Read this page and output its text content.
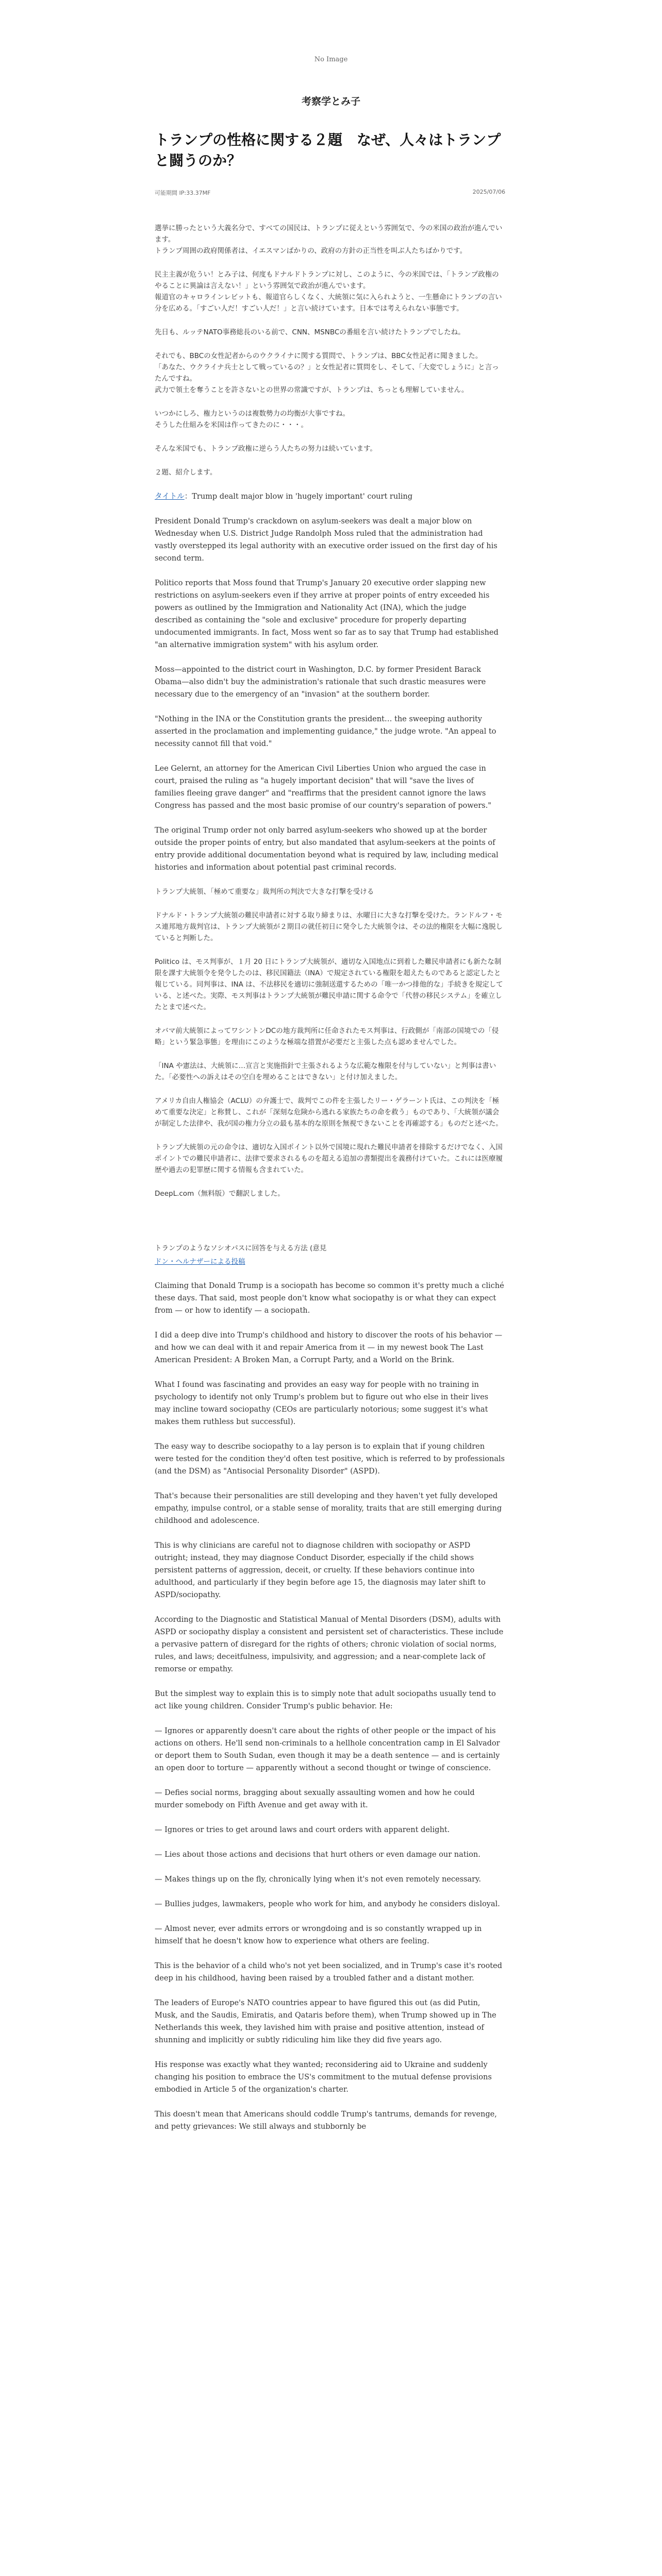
No Image
考察学とみ子
トランプの性格に関する２題　なぜ、人々はトランプと闘うのか？
可能期間 IP:33.37MF	2025/07/06

選挙に勝ったという大義名分で、すべての国民は、トランプに従えという雰囲気で、今の米国の政治が進んでいます。
トランプ周囲の政府関係者は、イエスマンばかりの、政府の方針の正当性を叫ぶ人たちばかりです。

民主主義が危うい！とみ子は、何度もドナルドトランプに対し、このように、今の米国では、「トランプ政権のやることに異論は言えない！」という雰囲気で政治が進んでいます。
報道官のキャロラインレビットも、報道官らしくなく、大統領に気に入られようと、一生懸命にトランプの言い分を広める。「すごい人だ！すごい人だ！」と言い続けています。日本では考えられない事態です。

先日も、ルッテNATO事務総長のいる前で、CNN、MSNBCの番組を言い続けたトランプでしたね。

それでも、BBCの女性記者からのウクライナに関する質問で、トランプは、BBC女性記者に聞きました。
「あなた、ウクライナ兵士として戦っているの？」と女性記者に質問をし、そして、「大変でしょうに」と言ったんですね。
武力で領土を奪うことを許さないとの世界の常識ですが、トランプは、ちっとも理解していません。

いつかにしろ、権力というのは複数勢力の均衡が大事ですね。
そうした仕組みを米国は作ってきたのに・・・。

そんな米国でも、トランプ政権に逆らう人たちの努力は続いています。

２題、紹介します。

タイトル：Trump dealt major blow in 'hugely important' court ruling

President Donald Trump's crackdown on asylum-seekers was dealt a major blow on Wednesday when U.S. District Judge Randolph Moss ruled that the administration had vastly overstepped its legal authority with an executive order issued on the first day of his second term.

Politico reports that Moss found that Trump's January 20 executive order slapping new restrictions on asylum-seekers even if they arrive at proper points of entry exceeded his powers as outlined by the Immigration and Nationality Act (INA), which the judge described as containing the "sole and exclusive" procedure for properly departing undocumented immigrants. In fact, Moss went so far as to say that Trump had established "an alternative immigration system" with his asylum order.

Moss—appointed to the district court in Washington, D.C. by former President Barack Obama—also didn't buy the administration's rationale that such drastic measures were necessary due to the emergency of an "invasion" at the southern border.

"Nothing in the INA or the Constitution grants the president… the sweeping authority asserted in the proclamation and implementing guidance," the judge wrote. "An appeal to necessity cannot fill that void."

Lee Gelernt, an attorney for the American Civil Liberties Union who argued the case in court, praised the ruling as "a hugely important decision" that will "save the lives of families fleeing grave danger" and "reaffirms that the president cannot ignore the laws Congress has passed and the most basic promise of our country's separation of powers."

The original Trump order not only barred asylum-seekers who showed up at the border outside the proper points of entry, but also mandated that asylum-seekers at the points of entry provide additional documentation beyond what is required by law, including medical histories and information about potential past criminal records.

トランプ大統領、「極めて重要な」裁判所の判決で大きな打撃を受ける

ドナルド・トランプ大統領の難民申請者に対する取り締まりは、水曜日に大きな打撃を受けた。ランドルフ・モス連邦地方裁判官は、トランプ大統領が２期目の就任初日に発令した大統領令は、その法的権限を大幅に逸脱していると判断した。

Politico は、モス判事が、１月 20 日にトランプ大統領が、適切な入国地点に到着した難民申請者にも新たな制限を課す大統領令を発令したのは、移民国籍法（INA）で規定されている権限を超えたものであると認定したと報じている。同判事は、INA は、不法移民を適切に強制送還するための「唯一かつ排他的な」手続きを規定している、と述べた。実際、モス判事はトランプ大統領が難民申請に関する命令で「代替の移民システム」を確立したとまで述べた。

オバマ前大統領によってワシントンDCの地方裁判所に任命されたモス判事は、行政側が「南部の国境での「侵略」という緊急事態」を理由にこのような極端な措置が必要だと主張した点も認めませんでした。

「INA や憲法は、大統領に…宣言と実施指針で主張されるような広範な権限を付与していない」と判事は書いた。「必要性への訴えはその空白を埋めることはできない」と付け加えました。

アメリカ自由人権協会（ACLU）の弁護士で、裁判でこの件を主張したリー・ゲラーント氏は、この判決を「極めて重要な決定」と称賛し、これが「深刻な危険から逃れる家族たちの命を救う」ものであり、「大統領が議会が制定した法律や、我が国の権力分立の最も基本的な原則を無視できないことを再確認する」ものだと述べた。

トランプ大統領の元の命令は、適切な入国ポイント以外で国境に現れた難民申請者を排除するだけでなく、入国ポイントでの難民申請者に、法律で要求されるものを超える追加の書類提出を義務付けていた。これには医療履歴や過去の犯罪歴に関する情報も含まれていた。

DeepL.com（無料版）で翻訳しました。

トランプのようなソシオパスに回答を与える方法 (意見

ドン・ヘルナザーによる投稿

Claiming that Donald Trump is a sociopath has become so common it's pretty much a cliché these days. That said, most people don't know what sociopathy is or what they can expect from — or how to identify — a sociopath.

I did a deep dive into Trump's childhood and history to discover the roots of his behavior — and how we can deal with it and repair America from it — in my newest book The Last American President: A Broken Man, a Corrupt Party, and a World on the Brink.

What I found was fascinating and provides an easy way for people with no training in psychology to identify not only Trump's problem but to figure out who else in their lives may incline toward sociopathy (CEOs are particularly notorious; some suggest it's what makes them ruthless but successful).

The easy way to describe sociopathy to a lay person is to explain that if young children were tested for the condition they'd often test positive, which is referred to by professionals (and the DSM) as "Antisocial Personality Disorder" (ASPD).

That's because their personalities are still developing and they haven't yet fully developed empathy, impulse control, or a stable sense of morality, traits that are still emerging during childhood and adolescence.

This is why clinicians are careful not to diagnose children with sociopathy or ASPD outright; instead, they may diagnose Conduct Disorder, especially if the child shows persistent patterns of aggression, deceit, or cruelty. If these behaviors continue into adulthood, and particularly if they begin before age 15, the diagnosis may later shift to ASPD/sociopathy.

According to the Diagnostic and Statistical Manual of Mental Disorders (DSM), adults with ASPD or sociopathy display a consistent and persistent set of characteristics. These include a pervasive pattern of disregard for the rights of others; chronic violation of social norms, rules, and laws; deceitfulness, impulsivity, and aggression; and a near-complete lack of remorse or empathy.

But the simplest way to explain this is to simply note that adult sociopaths usually tend to act like young children. Consider Trump's public behavior. He:

— Ignores or apparently doesn't care about the rights of other people or the impact of his actions on others. He'll send non-criminals to a hellhole concentration camp in El Salvador or deport them to South Sudan, even though it may be a death sentence — and is certainly an open door to torture — apparently without a second thought or twinge of conscience.

— Defies social norms, bragging about sexually assaulting women and how he could murder somebody on Fifth Avenue and get away with it.

— Ignores or tries to get around laws and court orders with apparent delight.

— Lies about those actions and decisions that hurt others or even damage our nation.

— Makes things up on the fly, chronically lying when it's not even remotely necessary.

— Bullies judges, lawmakers, people who work for him, and anybody he considers disloyal.

— Almost never, ever admits errors or wrongdoing and is so constantly wrapped up in himself that he doesn't know how to experience what others are feeling.

This is the behavior of a child who's not yet been socialized, and in Trump's case it's rooted deep in his childhood, having been raised by a troubled father and a distant mother.

The leaders of Europe's NATO countries appear to have figured this out (as did Putin, Musk, and the Saudis, Emiratis, and Qataris before them), when Trump showed up in The Netherlands this week, they lavished him with praise and positive attention, instead of shunning and implicitly or subtly ridiculing him like they did five years ago.

His response was exactly what they wanted; reconsidering aid to Ukraine and suddenly changing his position to embrace the US's commitment to the mutual defense provisions embodied in Article 5 of the organization's charter.

This doesn't mean that Americans should coddle Trump's tantrums, demands for revenge, and petty grievances: We still always and stubbornly be
